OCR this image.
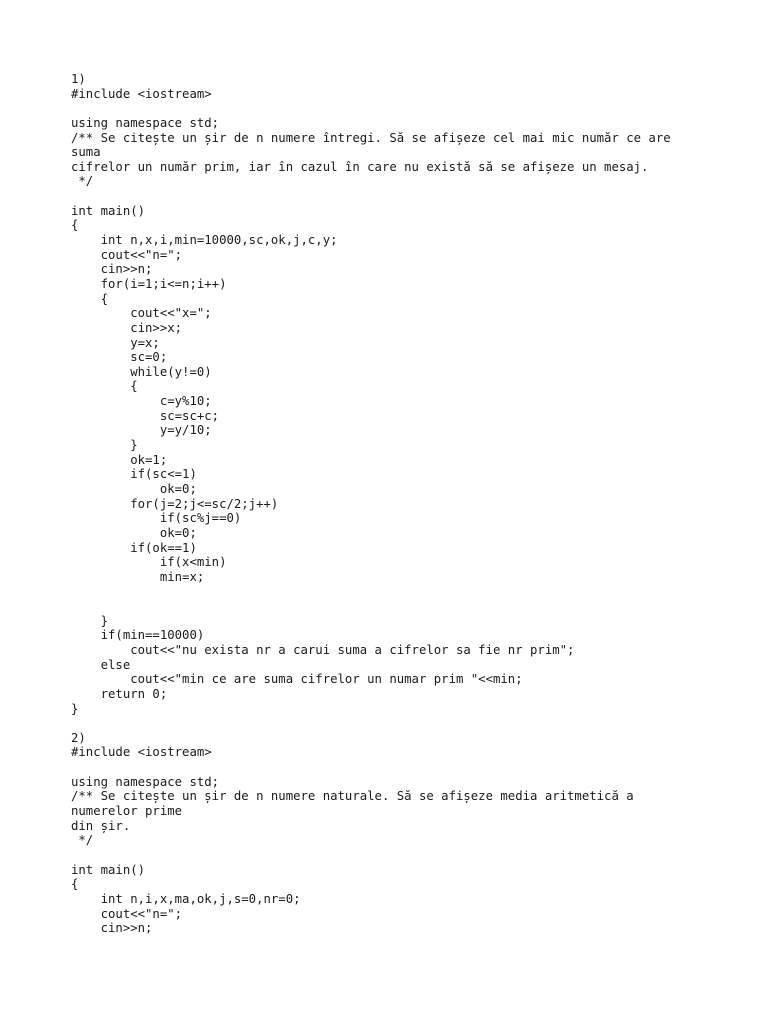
1)
#include <iostream>
using namespace std;
/** Se citește un șir de n numere întregi. Să se afișeze cel mai mic număr ce are
suma
cifrelor un număr prim, iar în cazul în care nu există să se afișeze un mesaj.
*/
int main()
{
int n,x,i,min=10000,sc,ok,j,c,y;
cout<<"n=";
cin>>n;
for(i=1;i<=n;i++)
{
cout<<"x=";
cin>>x;
y=x;
sc=0;
while(y!=0)
{
c=y%10;
sc=sc+c;
y=y/10;
}
ok=1;
if(sc<=1)
ok=0;
for(j=2;j<=sc/2;j++)
if(sc%j==0)
ok=0;
if(ok==1)
if(x<min)
min=x;
}
if(min==10000)
cout<<"nu exista nr a carui suma a cifrelor sa fie nr prim";
else
cout<<"min ce are suma cifrelor un numar prim "<<min;
return 0;
}
2)
#include <iostream>
using namespace std;
/** Se citește un șir de n numere naturale. Să se afișeze media aritmetică a
numerelor prime
din șir.
*/
int main()
{
int n,i,x,ma,ok,j,s=0,nr=0;
cout<<"n=";
cin>>n;
